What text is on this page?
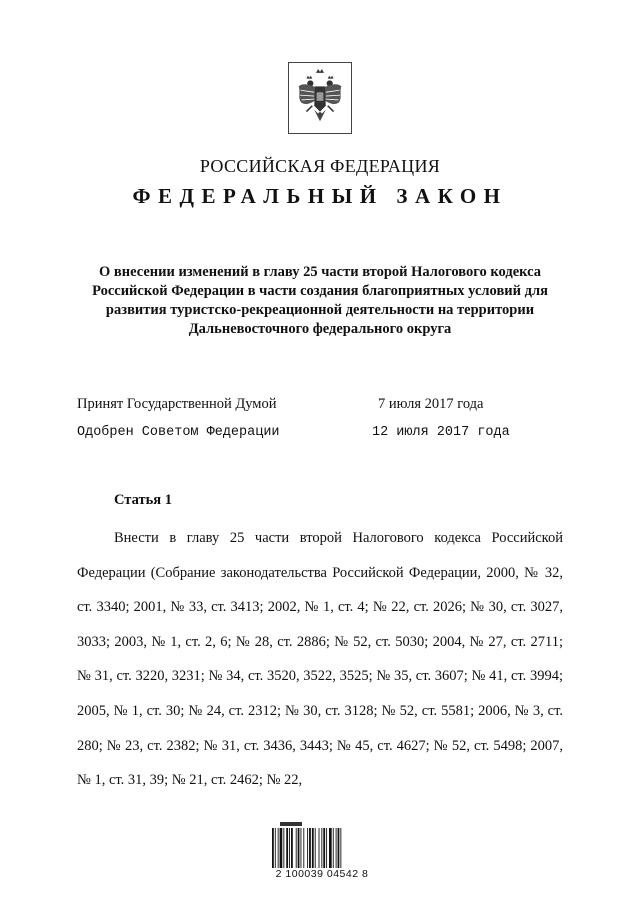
РОССИЙСКАЯ ФЕДЕРАЦИЯ
ФЕДЕРАЛЬНЫЙ ЗАКОН
О внесении изменений в главу 25 части второй Налогового кодекса Российской Федерации в части создания благоприятных условий для развития туристско-рекреационной деятельности на территории Дальневосточного федерального округа
Принят Государственной Думой	7 июля 2017 года
Одобрен Советом Федерации	12 июля 2017 года
Статья 1

Внести в главу 25 части второй Налогового кодекса Российской Федерации (Собрание законодательства Российской Федерации, 2000, № 32, ст. 3340; 2001, № 33, ст. 3413; 2002, № 1, ст. 4; № 22, ст. 2026; № 30, ст. 3027, 3033; 2003, № 1, ст. 2, 6; № 28, ст. 2886; № 52, ст. 5030; 2004, № 27, ст. 2711; № 31, ст. 3220, 3231; № 34, ст. 3520, 3522, 3525; № 35, ст. 3607; № 41, ст. 3994; 2005, № 1, ст. 30; № 24, ст. 2312; № 30, ст. 3128; № 52, ст. 5581; 2006, № 3, ст. 280; № 23, ст. 2382; № 31, ст. 3436, 3443; № 45, ст. 4627; № 52, ст. 5498; 2007, № 1, ст. 31, 39; № 21, ст. 2462; № 22,

2 100039 04542 8
